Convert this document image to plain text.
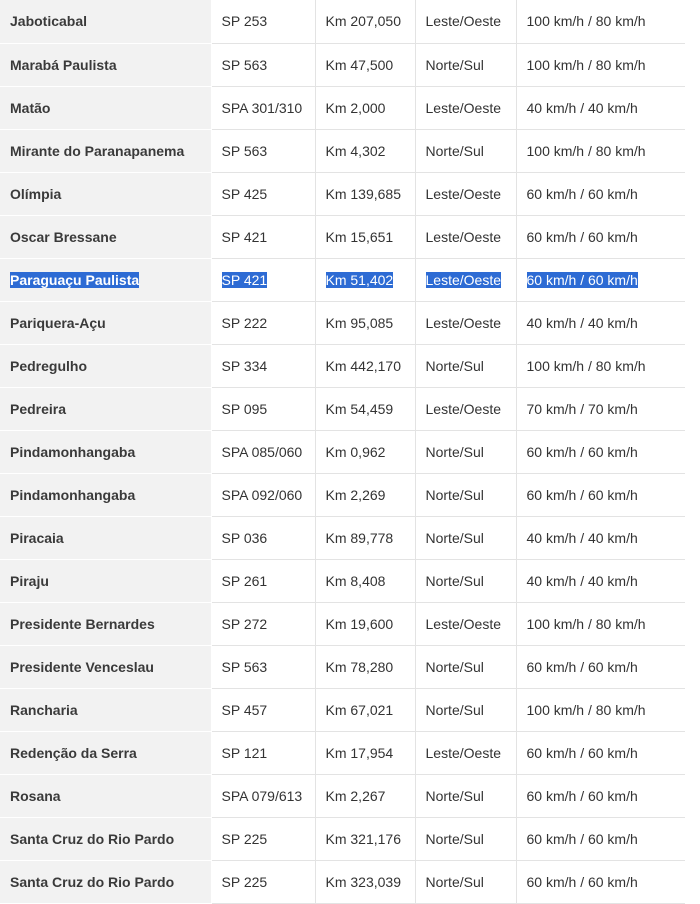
Jaboticabal	SP 253	Km 207,050	Leste/Oeste	100 km/h / 80 km/h
Marabá Paulista	SP 563	Km 47,500	Norte/Sul	100 km/h / 80 km/h
Matão	SPA 301/310	Km 2,000	Leste/Oeste	40 km/h / 40 km/h
Mirante do Paranapanema	SP 563	Km 4,302	Norte/Sul	100 km/h / 80 km/h
Olímpia	SP 425	Km 139,685	Leste/Oeste	60 km/h / 60 km/h
Oscar Bressane	SP 421	Km 15,651	Leste/Oeste	60 km/h / 60 km/h
Paraguaçu Paulista	SP 421	Km 51,402	Leste/Oeste	60 km/h / 60 km/h
Pariquera-Açu	SP 222	Km 95,085	Leste/Oeste	40 km/h / 40 km/h
Pedregulho	SP 334	Km 442,170	Norte/Sul	100 km/h / 80 km/h
Pedreira	SP 095	Km 54,459	Leste/Oeste	70 km/h / 70 km/h
Pindamonhangaba	SPA 085/060	Km 0,962	Norte/Sul	60 km/h / 60 km/h
Pindamonhangaba	SPA 092/060	Km 2,269	Norte/Sul	60 km/h / 60 km/h
Piracaia	SP 036	Km 89,778	Norte/Sul	40 km/h / 40 km/h
Piraju	SP 261	Km 8,408	Norte/Sul	40 km/h / 40 km/h
Presidente Bernardes	SP 272	Km 19,600	Leste/Oeste	100 km/h / 80 km/h
Presidente Venceslau	SP 563	Km 78,280	Norte/Sul	60 km/h / 60 km/h
Rancharia	SP 457	Km 67,021	Norte/Sul	100 km/h / 80 km/h
Redenção da Serra	SP 121	Km 17,954	Leste/Oeste	60 km/h / 60 km/h
Rosana	SPA 079/613	Km 2,267	Norte/Sul	60 km/h / 60 km/h
Santa Cruz do Rio Pardo	SP 225	Km 321,176	Norte/Sul	60 km/h / 60 km/h
Santa Cruz do Rio Pardo	SP 225	Km 323,039	Norte/Sul	60 km/h / 60 km/h
